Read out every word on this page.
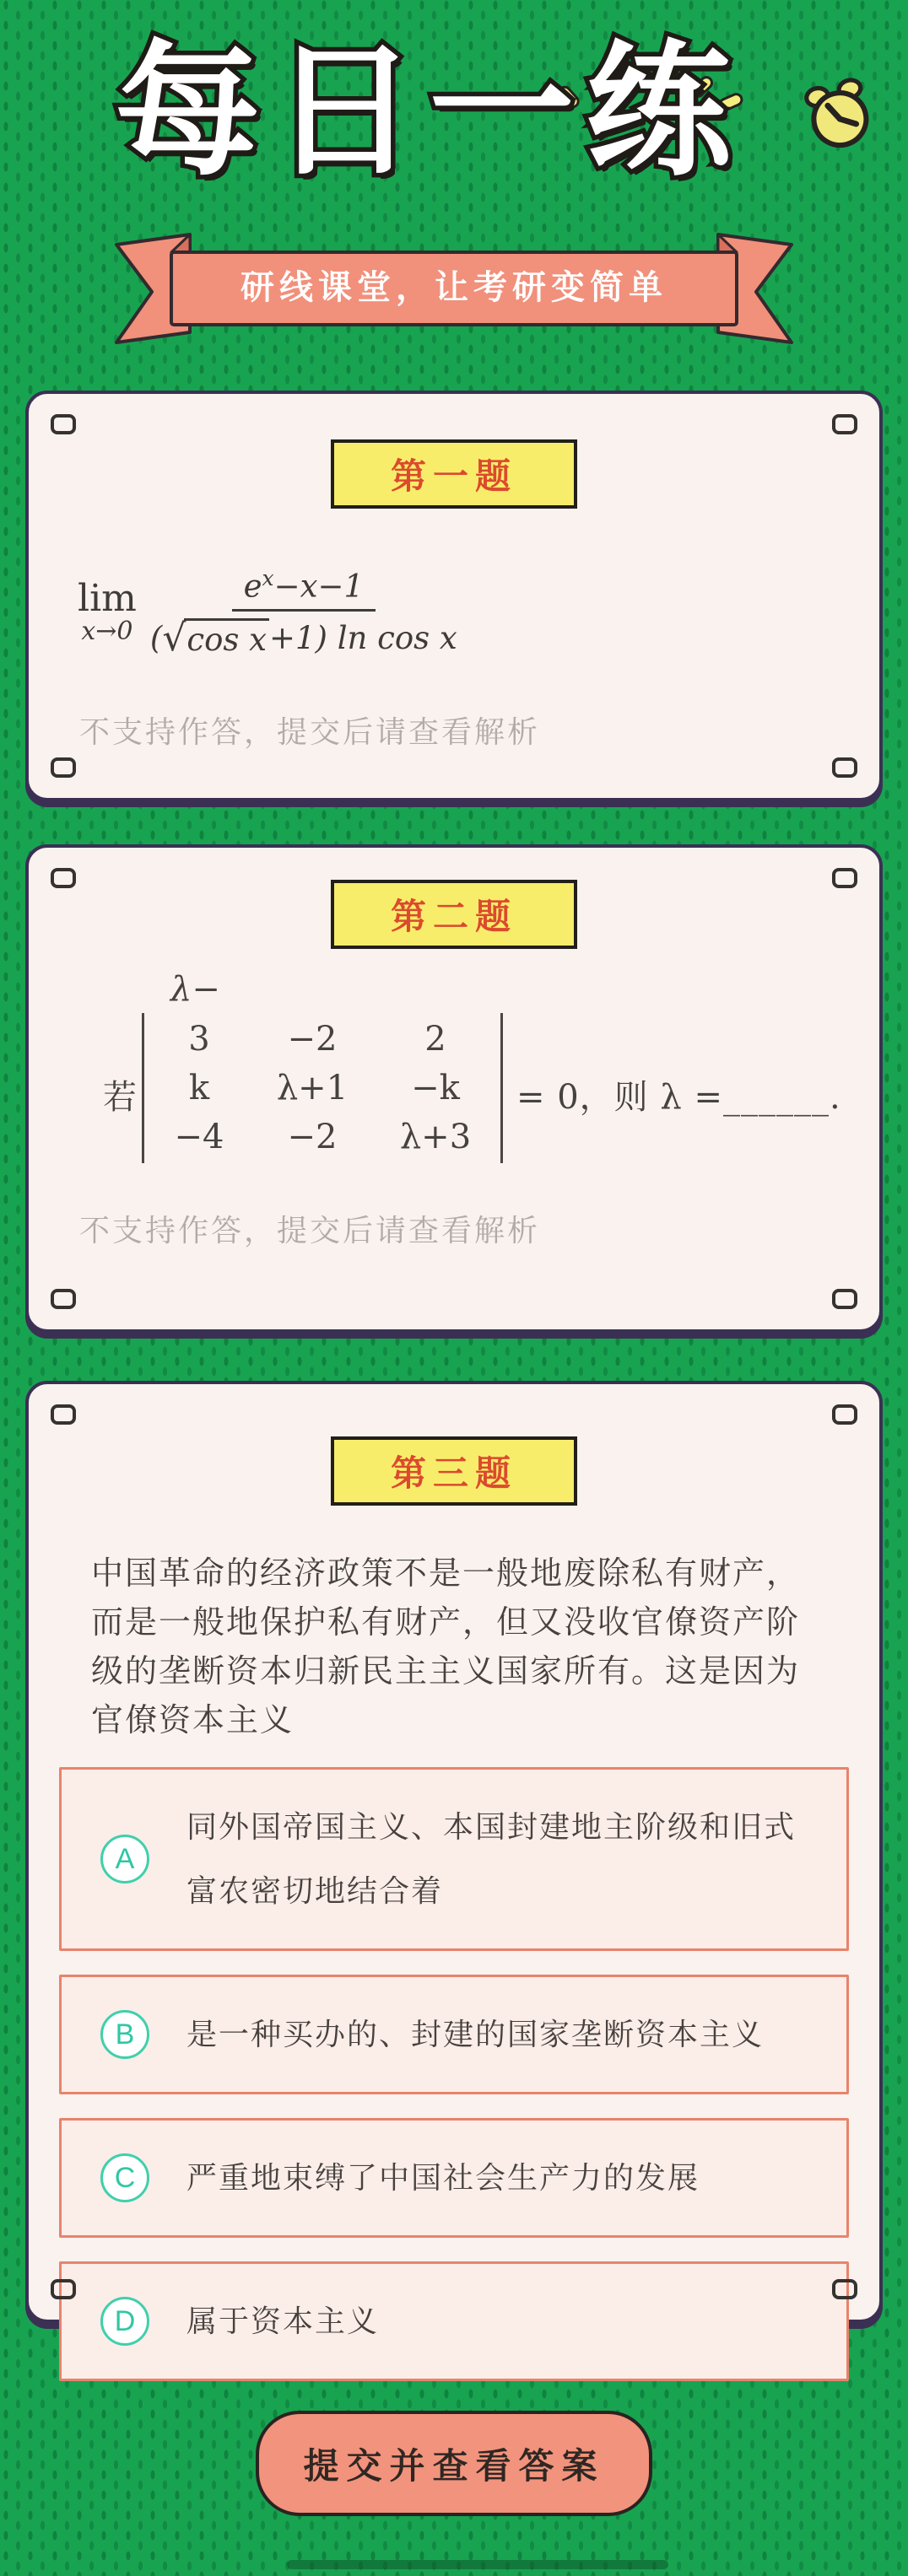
每日一练
研线课堂，让考研变简单
第一题
lim
$x\to 0 \frac{e^x-x-1}{\text{( √ cos x +1) ln cos x}}$

不支持作答，提交后请查看解析

第二题
若
λ−
3 −2	2
k λ+1 −k
−4 −2 λ+3
= 0，则 λ =______.

不支持作答，提交后请查看解析

第三题

中国革命的经济政策不是一般地废除私有财产，而是一般地保护私有财产，但又没收官僚资产阶级的垄断资本归新民主主义国家所有。这是因为官僚资本主义

A
同外国帝国主义、本国封建地主阶级和旧式富农密切地结合着
B	是一种买办的、封建的国家垄断资本主义
C	严重地束缚了中国社会生产力的发展
D	属于资本主义
提交并查看答案
